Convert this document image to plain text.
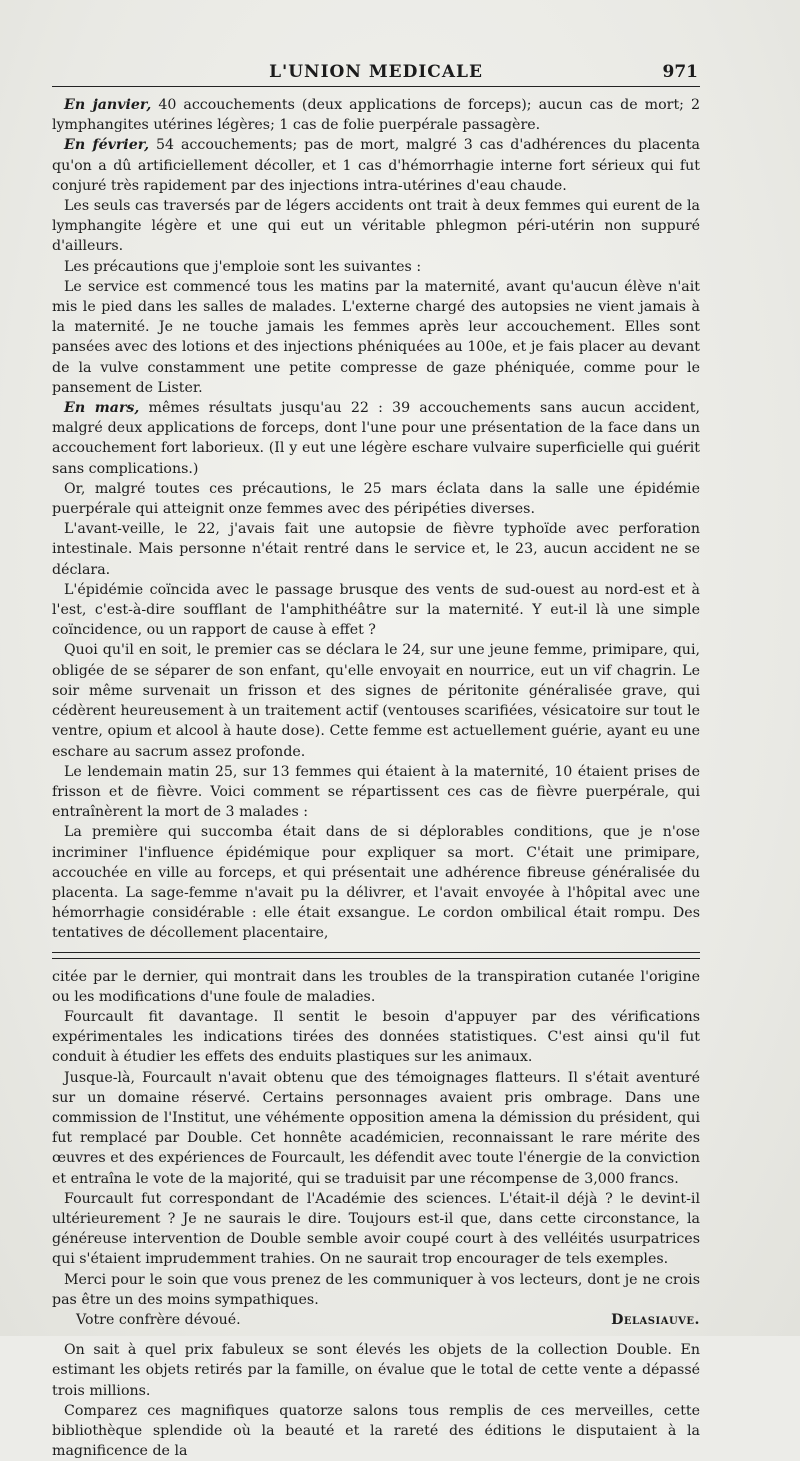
L'UNION MEDICALE	971

En janvier, 40 accouchements (deux applications de forceps); aucun cas de mort; 2 lymphangites utérines légères; 1 cas de folie puerpérale passagère.

En février, 54 accouchements; pas de mort, malgré 3 cas d'adhérences du placenta qu'on a dû artificiellement décoller, et 1 cas d'hémorrhagie interne fort sérieux qui fut conjuré très rapidement par des injections intra-utérines d'eau chaude.

Les seuls cas traversés par de légers accidents ont trait à deux femmes qui eurent de la lymphangite légère et une qui eut un véritable phlegmon péri-utérin non suppuré d'ailleurs.

Les précautions que j'emploie sont les suivantes :

Le service est commencé tous les matins par la maternité, avant qu'aucun élève n'ait mis le pied dans les salles de malades. L'externe chargé des autopsies ne vient jamais à la maternité. Je ne touche jamais les femmes après leur accouchement. Elles sont pansées avec des lotions et des injections phéniquées au 100e, et je fais placer au devant de la vulve constamment une petite compresse de gaze phéniquée, comme pour le pansement de Lister.

En mars, mêmes résultats jusqu'au 22 : 39 accouchements sans aucun accident, malgré deux applications de forceps, dont l'une pour une présentation de la face dans un accouchement fort laborieux. (Il y eut une légère eschare vulvaire superficielle qui guérit sans complications.)

Or, malgré toutes ces précautions, le 25 mars éclata dans la salle une épidémie puerpérale qui atteignit onze femmes avec des péripéties diverses.

L'avant-veille, le 22, j'avais fait une autopsie de fièvre typhoïde avec perforation intestinale. Mais personne n'était rentré dans le service et, le 23, aucun accident ne se déclara.

L'épidémie coïncida avec le passage brusque des vents de sud-ouest au nord-est et à l'est, c'est-à-dire soufflant de l'amphithéâtre sur la maternité. Y eut-il là une simple coïncidence, ou un rapport de cause à effet ?

Quoi qu'il en soit, le premier cas se déclara le 24, sur une jeune femme, primipare, qui, obligée de se séparer de son enfant, qu'elle envoyait en nourrice, eut un vif chagrin. Le soir même survenait un frisson et des signes de péritonite généralisée grave, qui cédèrent heureusement à un traitement actif (ventouses scarifiées, vésicatoire sur tout le ventre, opium et alcool à haute dose). Cette femme est actuellement guérie, ayant eu une eschare au sacrum assez profonde.

Le lendemain matin 25, sur 13 femmes qui étaient à la maternité, 10 étaient prises de frisson et de fièvre. Voici comment se répartissent ces cas de fièvre puerpérale, qui entraînèrent la mort de 3 malades :

La première qui succomba était dans de si déplorables conditions, que je n'ose incriminer l'influence épidémique pour expliquer sa mort. C'était une primipare, accouchée en ville au forceps, et qui présentait une adhérence fibreuse généralisée du placenta. La sage-femme n'avait pu la délivrer, et l'avait envoyée à l'hôpital avec une hémorrhagie considérable : elle était exsangue. Le cordon ombilical était rompu. Des tentatives de décollement placentaire,

citée par le dernier, qui montrait dans les troubles de la transpiration cutanée l'origine ou les modifications d'une foule de maladies.

Fourcault fit davantage. Il sentit le besoin d'appuyer par des vérifications expérimentales les indications tirées des données statistiques. C'est ainsi qu'il fut conduit à étudier les effets des enduits plastiques sur les animaux.

Jusque-là, Fourcault n'avait obtenu que des témoignages flatteurs. Il s'était aventuré sur un domaine réservé. Certains personnages avaient pris ombrage. Dans une commission de l'Institut, une véhémente opposition amena la démission du président, qui fut remplacé par Double. Cet honnête académicien, reconnaissant le rare mérite des œuvres et des expériences de Fourcault, les défendit avec toute l'énergie de la conviction et entraîna le vote de la majorité, qui se traduisit par une récompense de 3,000 francs.

Fourcault fut correspondant de l'Académie des sciences. L'était-il déjà ? le devint-il ultérieurement ? Je ne saurais le dire. Toujours est-il que, dans cette circonstance, la généreuse intervention de Double semble avoir coupé court à des velléités usurpatrices qui s'étaient imprudemment trahies. On ne saurait trop encourager de tels exemples.

Merci pour le soin que vous prenez de les communiquer à vos lecteurs, dont je ne crois pas être un des moins sympathiques.

Votre confrère dévoué.	Delasiauve.

On sait à quel prix fabuleux se sont élevés les objets de la collection Double. En estimant les objets retirés par la famille, on évalue que le total de cette vente a dépassé trois millions.

Comparez ces magnifiques quatorze salons tous remplis de ces merveilles, cette bibliothèque splendide où la beauté et la rareté des éditions le disputaient à la magnificence de la
